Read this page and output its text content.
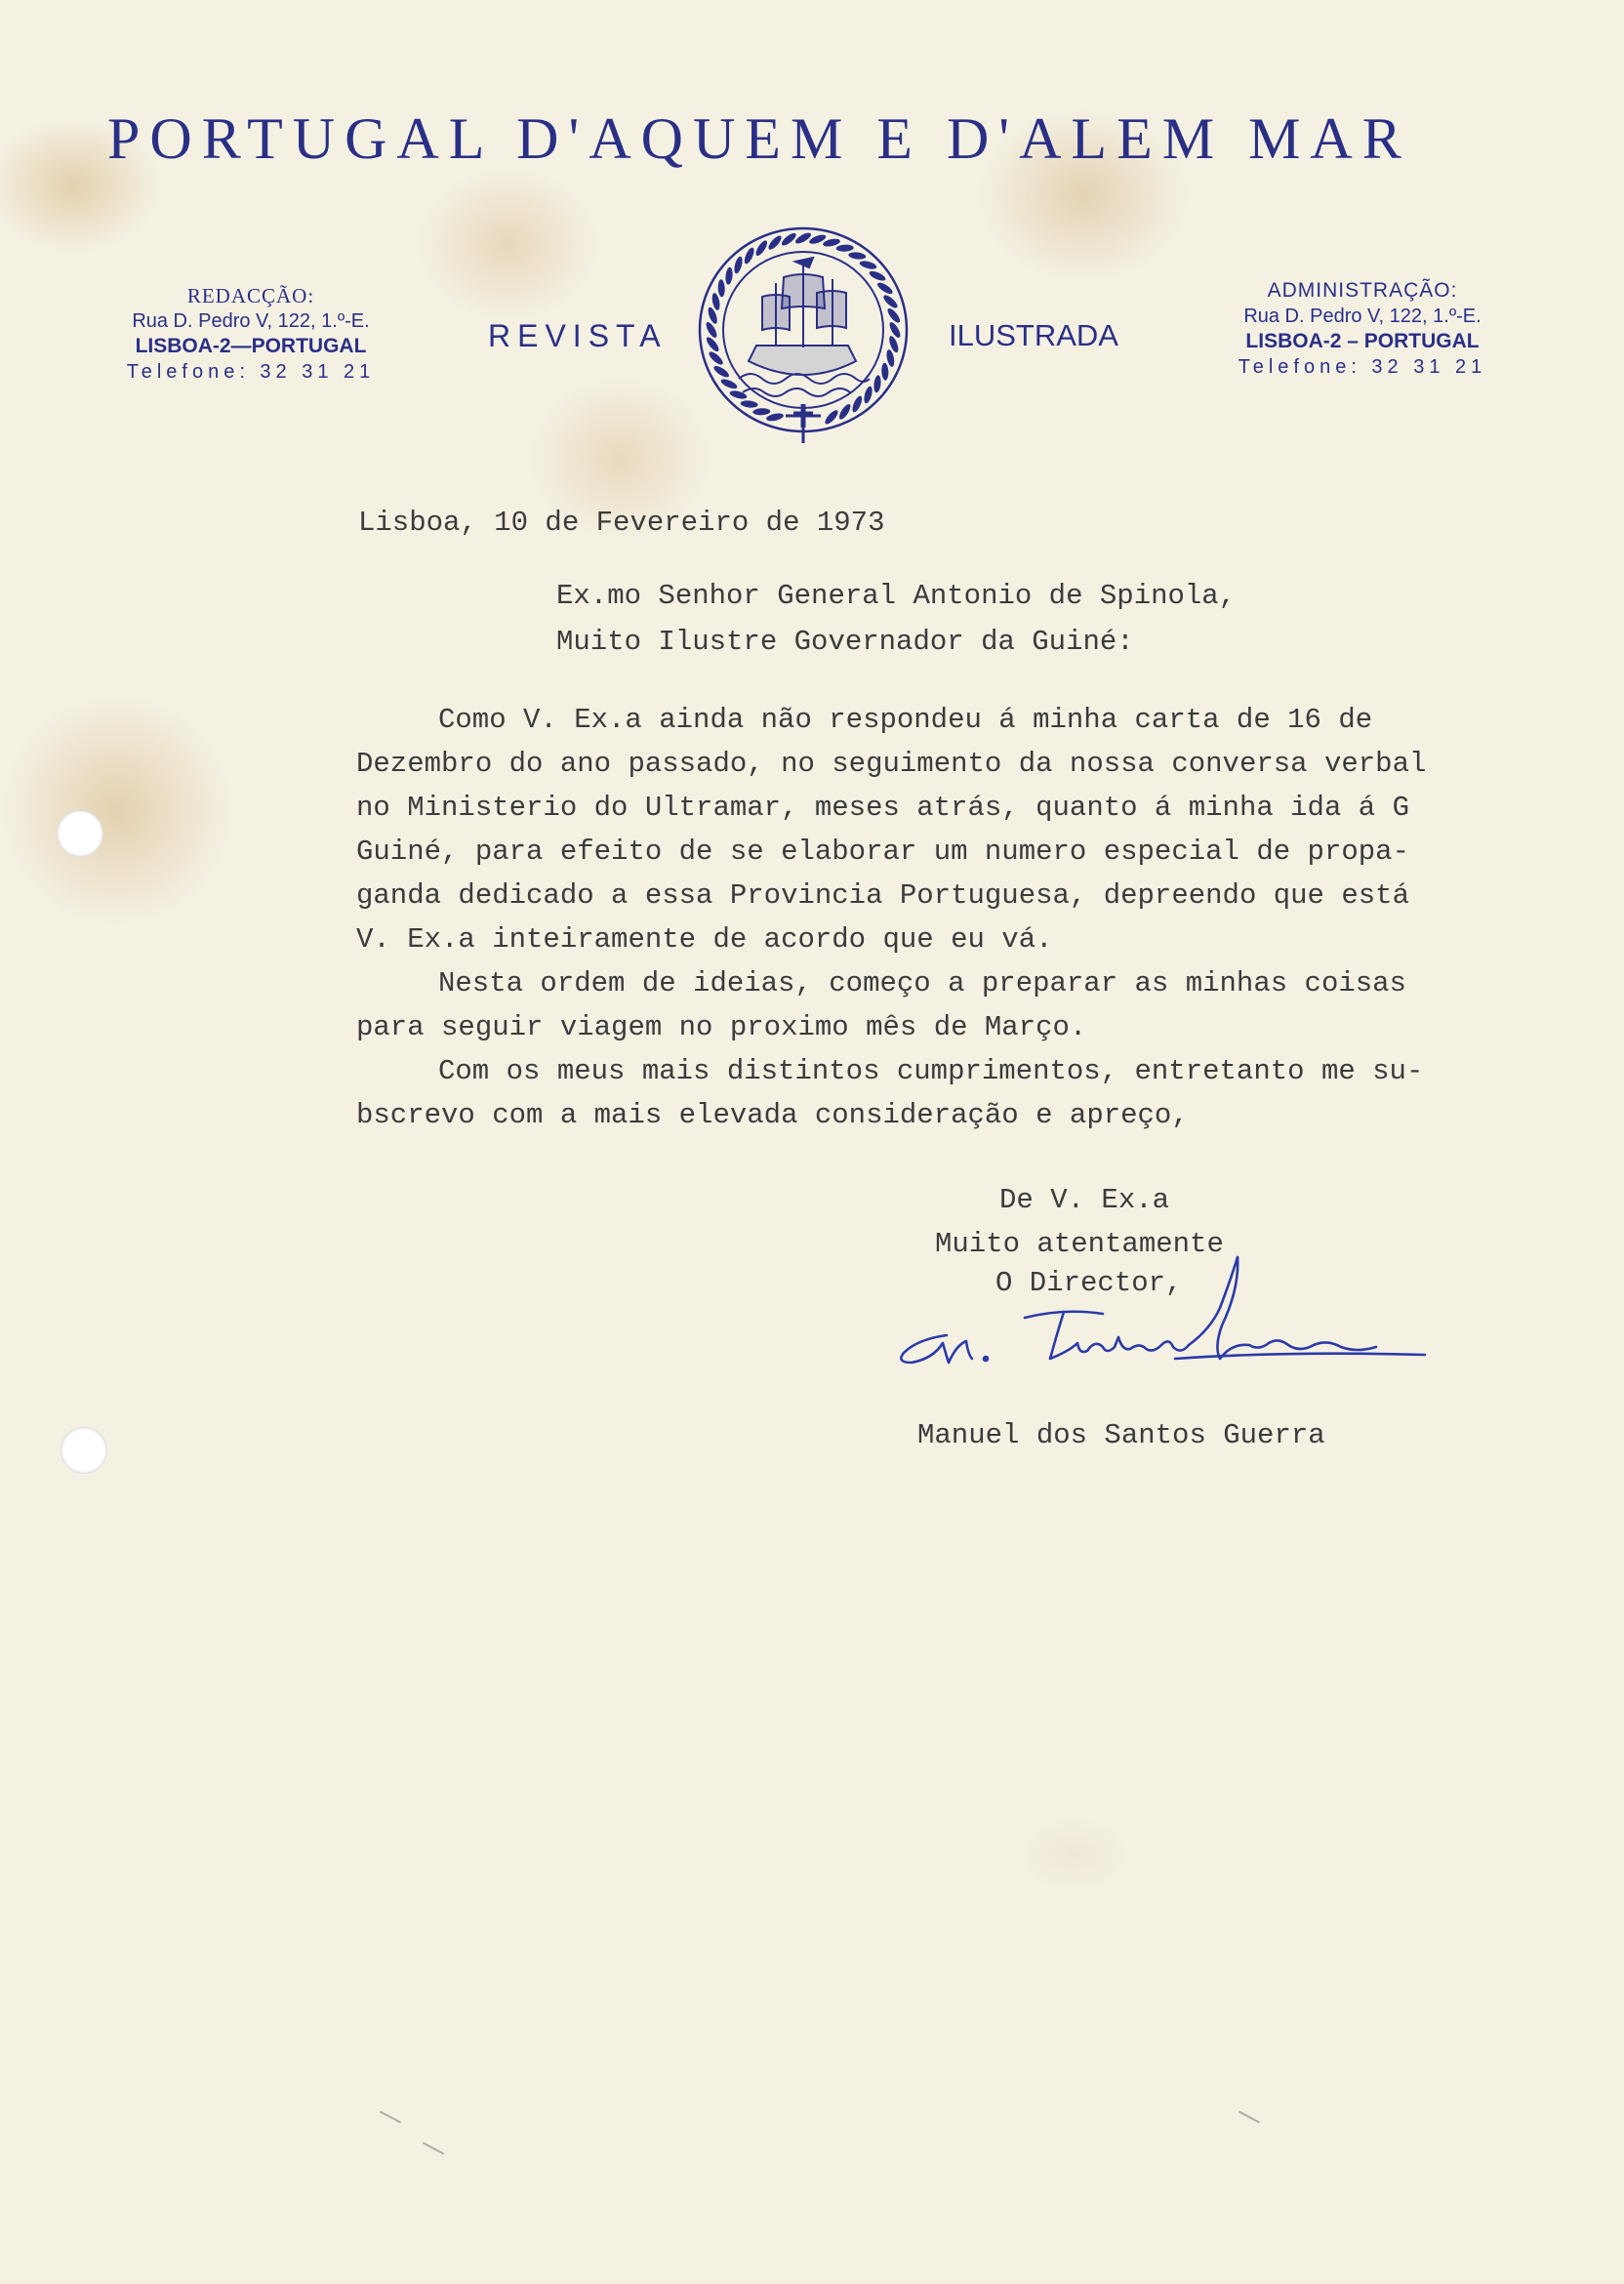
PORTUGAL D'AQUEM E D'ALEM MAR
REDACÇÃO:
Rua D. Pedro V, 122, 1.º-E.
LISBOA-2—PORTUGAL
Telefone: 32 31 21
REVISTA	ILUSTRADA
ADMINISTRAÇÃO:
Rua D. Pedro V, 122, 1.º-E.
LISBOA-2 – PORTUGAL
Telefone: 32 31 21
Lisboa, 10 de Fevereiro de 1973
Ex.mo Senhor General Antonio de Spinola,
Muito Ilustre Governador da Guiné:
Como V. Ex.a ainda não respondeu á minha carta de 16 de
Dezembro do ano passado, no seguimento da nossa conversa verbal
no Ministerio do Ultramar, meses atrás, quanto á minha ida á G
Guiné, para efeito de se elaborar um numero especial de propa-
ganda dedicado a essa Provincia Portuguesa, depreendo que está
V. Ex.a inteiramente de acordo que eu vá.
Nesta ordem de ideias, começo a preparar as minhas coisas
para seguir viagem no proximo mês de Março.
Com os meus mais distintos cumprimentos, entretanto me su-
bscrevo com a mais elevada consideração e apreço,
De V. Ex.a
Muito atentamente
O Director,
Manuel dos Santos Guerra
